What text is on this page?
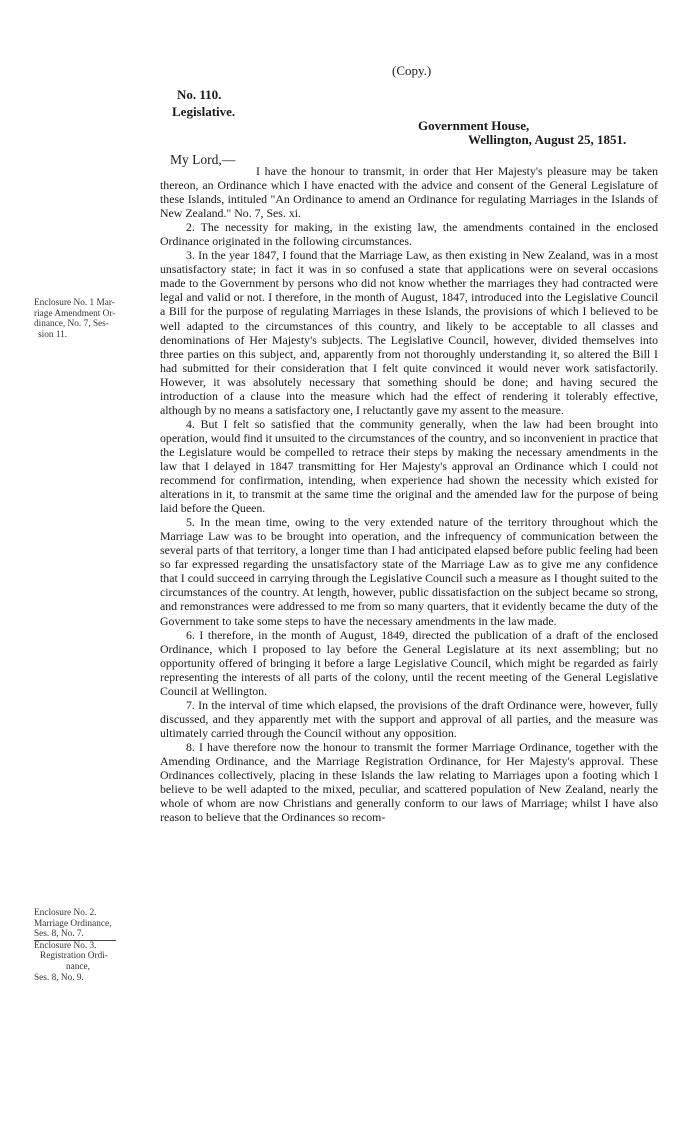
(Copy.)
No. 110.
Legislative.
Government House,
Wellington, August 25, 1851.
My Lord,—

I have the honour to transmit, in order that Her Majesty's pleasure may be taken thereon, an Ordinance which I have enacted with the advice and consent of the General Legislature of these Islands, intituled "An Ordinance to amend an Ordinance for regulating Marriages in the Islands of New Zealand." No. 7, Ses. xi.

2. The necessity for making, in the existing law, the amendments contained in the enclosed Ordinance originated in the following circumstances.

3. In the year 1847, I found that the Marriage Law, as then existing in New Zealand, was in a most unsatisfactory state; in fact it was in so confused a state that applications were on several occasions made to the Government by persons who did not know whether the marriages they had contracted were legal and valid or not. I therefore, in the month of August, 1847, introduced into the Legislative Council a Bill for the purpose of regulating Marriages in these Islands, the provisions of which I believed to be well adapted to the circumstances of this country, and likely to be acceptable to all classes and denominations of Her Majesty's subjects. The Legislative Council, however, divided themselves into three parties on this subject, and, apparently from not thoroughly understanding it, so altered the Bill I had submitted for their consideration that I felt quite convinced it would never work satisfactorily. However, it was absolutely necessary that something should be done; and having secured the introduction of a clause into the measure which had the effect of rendering it tolerably effective, although by no means a satisfactory one, I reluctantly gave my assent to the measure.

4. But I felt so satisfied that the community generally, when the law had been brought into operation, would find it unsuited to the circumstances of the country, and so inconvenient in practice that the Legislature would be compelled to retrace their steps by making the necessary amendments in the law that I delayed in 1847 transmitting for Her Majesty's approval an Ordinance which I could not recommend for confirmation, intending, when experience had shown the necessity which existed for alterations in it, to transmit at the same time the original and the amended law for the purpose of being laid before the Queen.

5. In the mean time, owing to the very extended nature of the territory throughout which the Marriage Law was to be brought into operation, and the infrequency of communication between the several parts of that territory, a longer time than I had anticipated elapsed before public feeling had been so far expressed regarding the unsatisfactory state of the Marriage Law as to give me any confidence that I could succeed in carrying through the Legislative Council such a measure as I thought suited to the circumstances of the country. At length, however, public dissatisfaction on the subject became so strong, and remonstrances were addressed to me from so many quarters, that it evidently became the duty of the Government to take some steps to have the necessary amendments in the law made.

6. I therefore, in the month of August, 1849, directed the publication of a draft of the enclosed Ordinance, which I proposed to lay before the General Legislature at its next assembling; but no opportunity offered of bringing it before a large Legislative Council, which might be regarded as fairly representing the interests of all parts of the colony, until the recent meeting of the General Legislative Council at Wellington.

7. In the interval of time which elapsed, the provisions of the draft Ordinance were, however, fully discussed, and they apparently met with the support and approval of all parties, and the measure was ultimately carried through the Council without any opposition.

8. I have therefore now the honour to transmit the former Marriage Ordinance, together with the Amending Ordinance, and the Marriage Registration Ordinance, for Her Majesty's approval. These Ordinances collectively, placing in these Islands the law relating to Marriages upon a footing which I believe to be well adapted to the mixed, peculiar, and scattered population of New Zealand, nearly the whole of whom are now Christians and generally conform to our laws of Marriage; whilst I have also reason to believe that the Ordinances so recom-

Enclosure No. 1 Mar-
riage Amendment Or-
dinance, No. 7, Ses-
sion 11.
Enclosure No. 2.
Marriage Ordinance,
Ses. 8, No. 7.
Enclosure No. 3.
Registration Ordi-
nance,
Ses. 8, No. 9.
